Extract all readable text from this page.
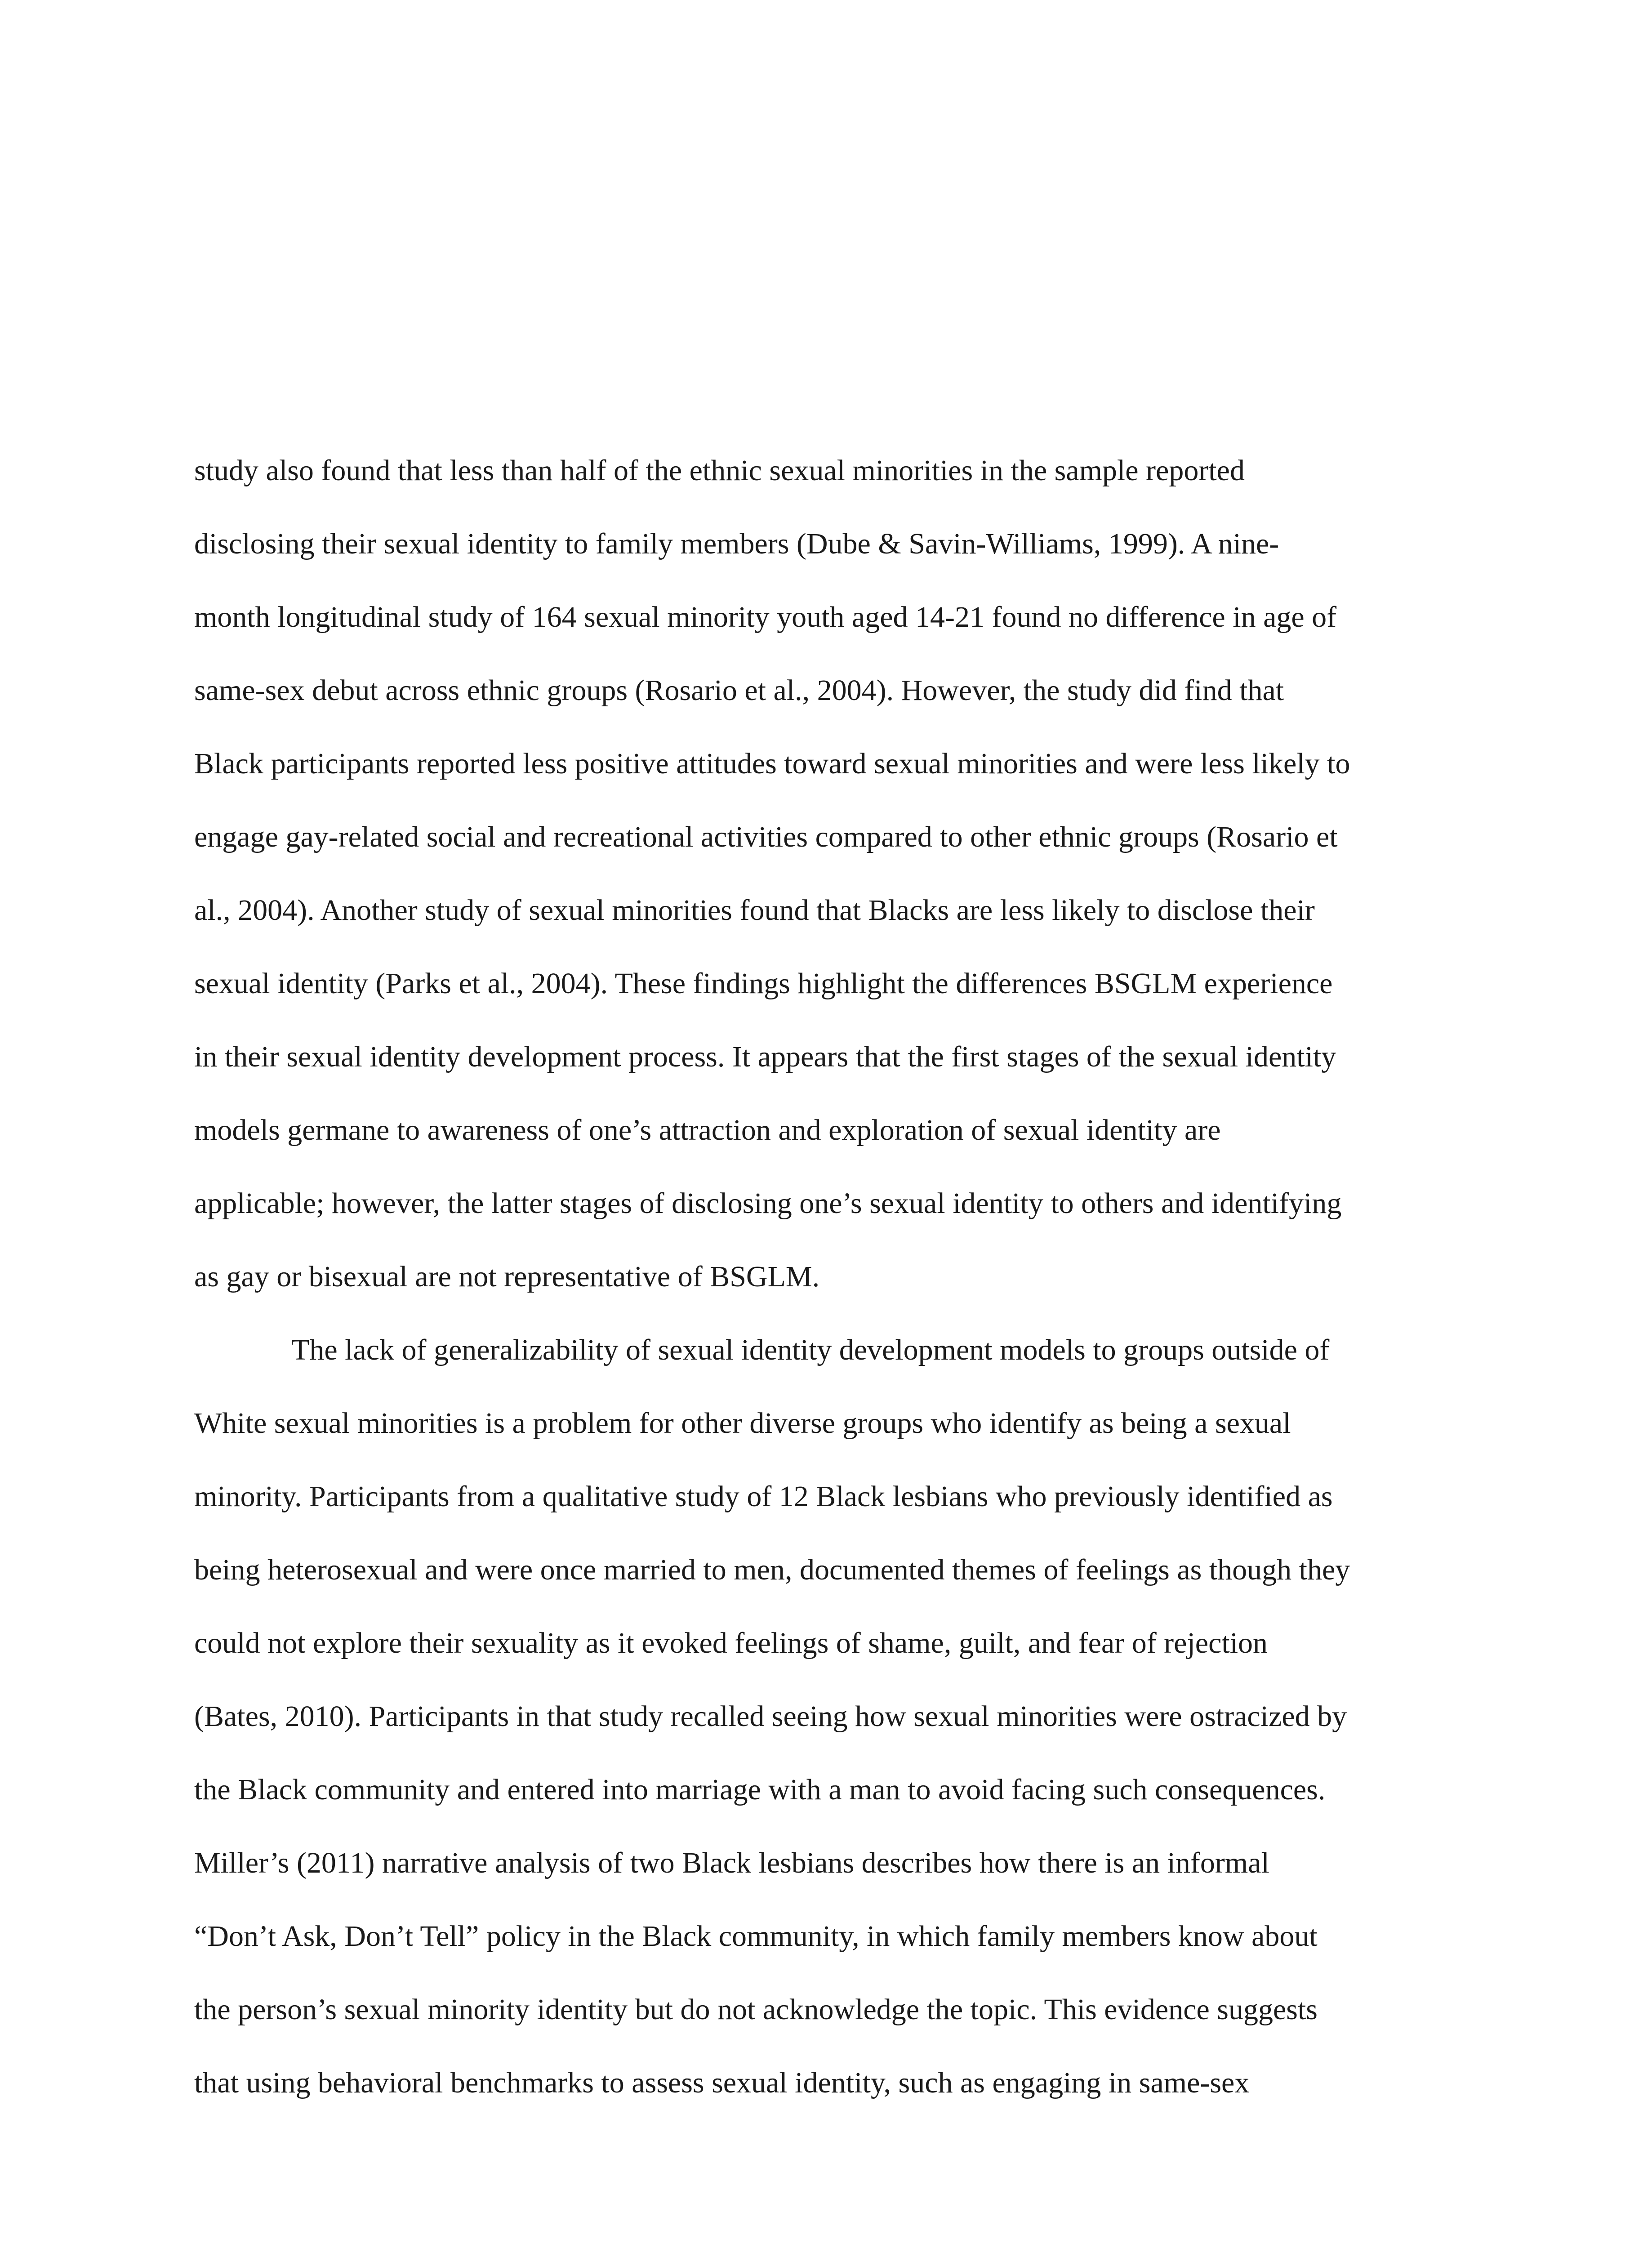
study also found that less than half of the ethnic sexual minorities in the sample reported
disclosing their sexual identity to family members (Dube & Savin-Williams, 1999). A nine-
month longitudinal study of 164 sexual minority youth aged 14-21 found no difference in age of
same-sex debut across ethnic groups (Rosario et al., 2004). However, the study did find that
Black participants reported less positive attitudes toward sexual minorities and were less likely to
engage gay-related social and recreational activities compared to other ethnic groups (Rosario et
al., 2004). Another study of sexual minorities found that Blacks are less likely to disclose their
sexual identity (Parks et al., 2004). These findings highlight the differences BSGLM experience
in their sexual identity development process. It appears that the first stages of the sexual identity
models germane to awareness of one’s attraction and exploration of sexual identity are
applicable; however, the latter stages of disclosing one’s sexual identity to others and identifying
as gay or bisexual are not representative of BSGLM.
The lack of generalizability of sexual identity development models to groups outside of
White sexual minorities is a problem for other diverse groups who identify as being a sexual
minority. Participants from a qualitative study of 12 Black lesbians who previously identified as
being heterosexual and were once married to men, documented themes of feelings as though they
could not explore their sexuality as it evoked feelings of shame, guilt, and fear of rejection
(Bates, 2010). Participants in that study recalled seeing how sexual minorities were ostracized by
the Black community and entered into marriage with a man to avoid facing such consequences.
Miller’s (2011) narrative analysis of two Black lesbians describes how there is an informal
“Don’t Ask, Don’t Tell” policy in the Black community, in which family members know about
the person’s sexual minority identity but do not acknowledge the topic. This evidence suggests
that using behavioral benchmarks to assess sexual identity, such as engaging in same-sex
